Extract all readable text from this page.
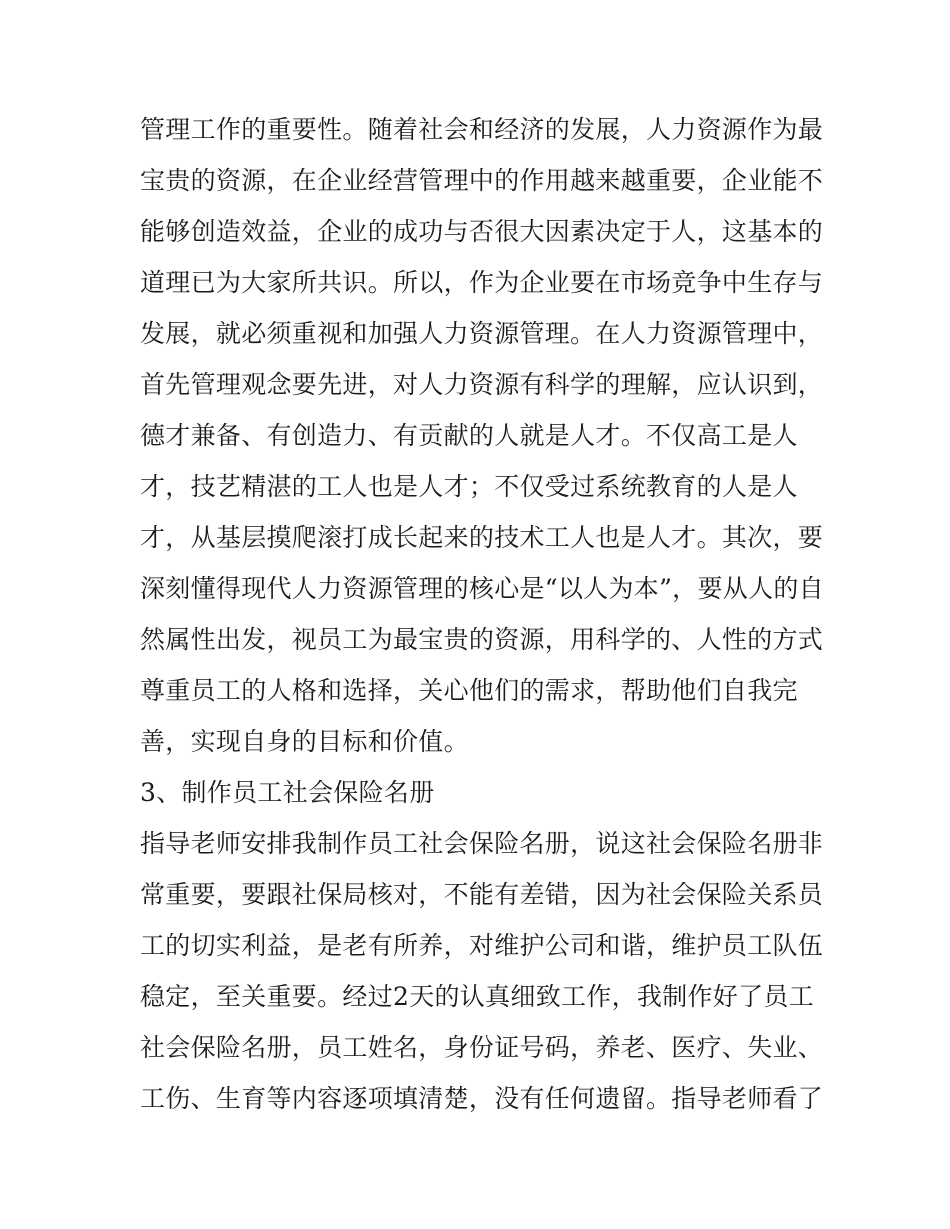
管理工作的重要性。随着社会和经济的发展，人力资源作为最
宝贵的资源，在企业经营管理中的作用越来越重要，企业能不
能够创造效益，企业的成功与否很大因素决定于人，这基本的
道理已为大家所共识。所以，作为企业要在市场竞争中生存与
发展，就必须重视和加强人力资源管理。在人力资源管理中，
首先管理观念要先进，对人力资源有科学的理解，应认识到，
德才兼备、有创造力、有贡献的人就是人才。不仅高工是人
才，技艺精湛的工人也是人才；不仅受过系统教育的人是人
才，从基层摸爬滚打成长起来的技术工人也是人才。其次，要
深刻懂得现代人力资源管理的核心是“以人为本”，要从人的自
然属性出发，视员工为最宝贵的资源，用科学的、人性的方式
尊重员工的人格和选择，关心他们的需求，帮助他们自我完
善，实现自身的目标和价值。
3、制作员工社会保险名册
指导老师安排我制作员工社会保险名册，说这社会保险名册非
常重要，要跟社保局核对，不能有差错，因为社会保险关系员
工的切实利益，是老有所养，对维护公司和谐，维护员工队伍
稳定，至关重要。经过2天的认真细致工作，我制作好了员工
社会保险名册，员工姓名，身份证号码，养老、医疗、失业、
工伤、生育等内容逐项填清楚，没有任何遗留。指导老师看了
